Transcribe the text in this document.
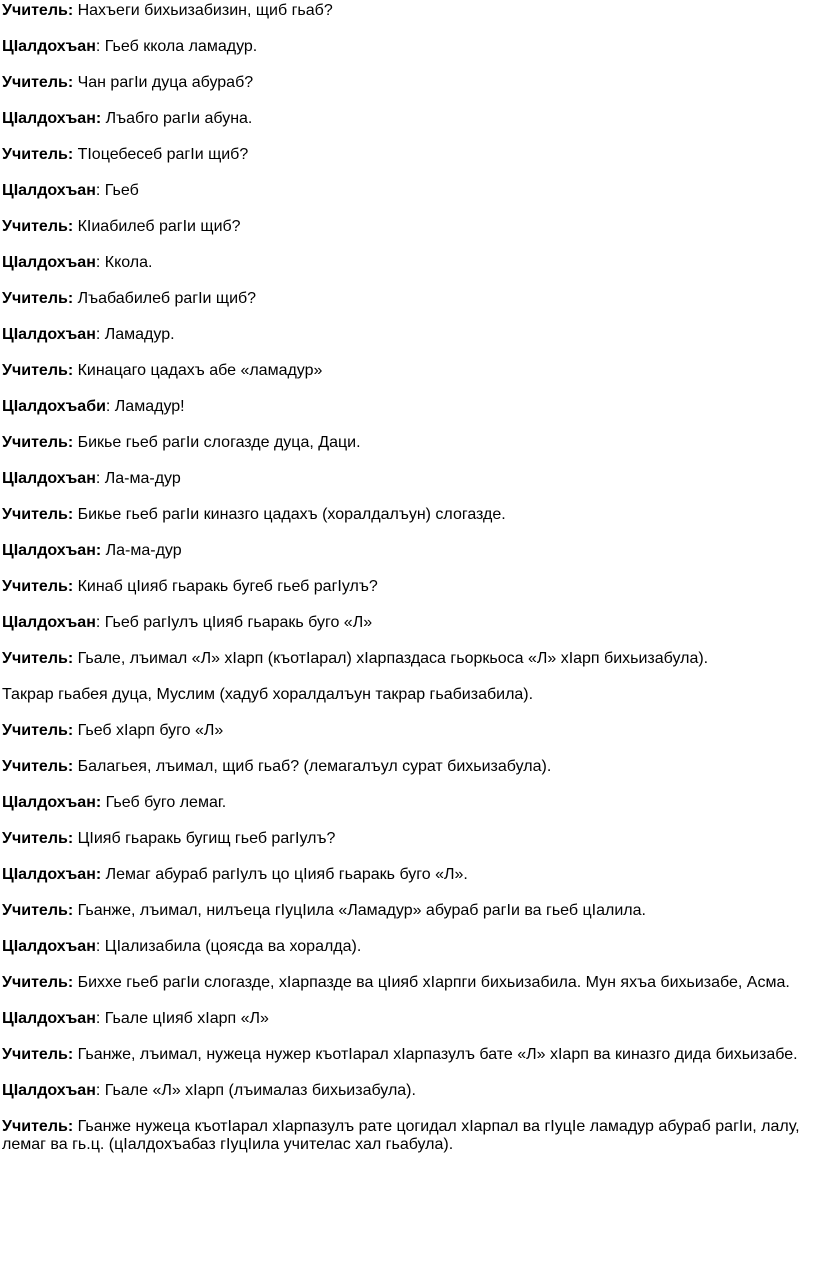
Учитель: Нахъеги бихьизабизин, щиб гьаб?

ЦIалдохъан: Гьеб ккола ламадур.

Учитель: Чан рагIи дуца абураб?

ЦIалдохъан: Лъабго рагIи абуна.

Учитель: ТIоцебесеб рагIи щиб?

ЦIалдохъан: Гьеб

Учитель: КIиабилеб рагIи щиб?

ЦIалдохъан: Ккола.

Учитель: Лъабабилеб рагIи щиб?

ЦIалдохъан: Ламадур.

Учитель: Кинацаго цадахъ абе «ламадур»

ЦIалдохъаби: Ламадур!

Учитель: Бикье гьеб рагIи слогазде дуца, Даци.

ЦIалдохъан: Ла-ма-дур

Учитель: Бикье гьеб рагIи киназго цадахъ (хоралдалъун) слогазде.

ЦIалдохъан: Ла-ма-дур

Учитель: Кинаб цIияб гьаракь бугеб гьеб рагIулъ?

ЦIалдохъан: Гьеб рагIулъ цIияб гьаракь буго «Л»

Учитель: Гьале, лъимал «Л» хIарп (къотIарал) хIарпаздаса гьоркьоса «Л» хIарп бихьизабула).

Такрар гьабея дуца, Муслим (хадуб хоралдалъун такрар гьабизабила).

Учитель: Гьеб хIарп буго «Л»

Учитель: Балагьея, лъимал, щиб гьаб? (лемагалъул сурат бихьизабула).

ЦIалдохъан: Гьеб буго лемаг.

Учитель: ЦIияб гьаракь бугищ гьеб рагIулъ?

ЦIалдохъан: Лемаг абураб рагIулъ цо цIияб гьаракь буго «Л».

Учитель: Гьанже, лъимал, нилъеца гIуцIила «Ламадур» абураб рагIи ва гьеб цIалила.

ЦIалдохъан: ЦIализабила (цоясда ва хоралда).

Учитель: Биххе гьеб рагIи слогазде, хIарпазде ва цIияб хIарпги бихьизабила. Мун яхъа бихьизабе, Асма.

ЦIалдохъан: Гьале цIияб хIарп «Л»

Учитель: Гьанже, лъимал, нужеца нужер къотIарал хIарпазулъ бате «Л» хIарп ва киназго дида бихьизабе.

ЦIалдохъан: Гьале «Л» хIарп (лъималаз бихьизабула).

Учитель: Гьанже нужеца къотIарал хIарпазулъ рате цогидал хIарпал ва гIуцIе ламадур абураб рагIи, лалу, лемаг ва гь.ц. (цIалдохъабаз гIуцIила учителас хал гьабула).
